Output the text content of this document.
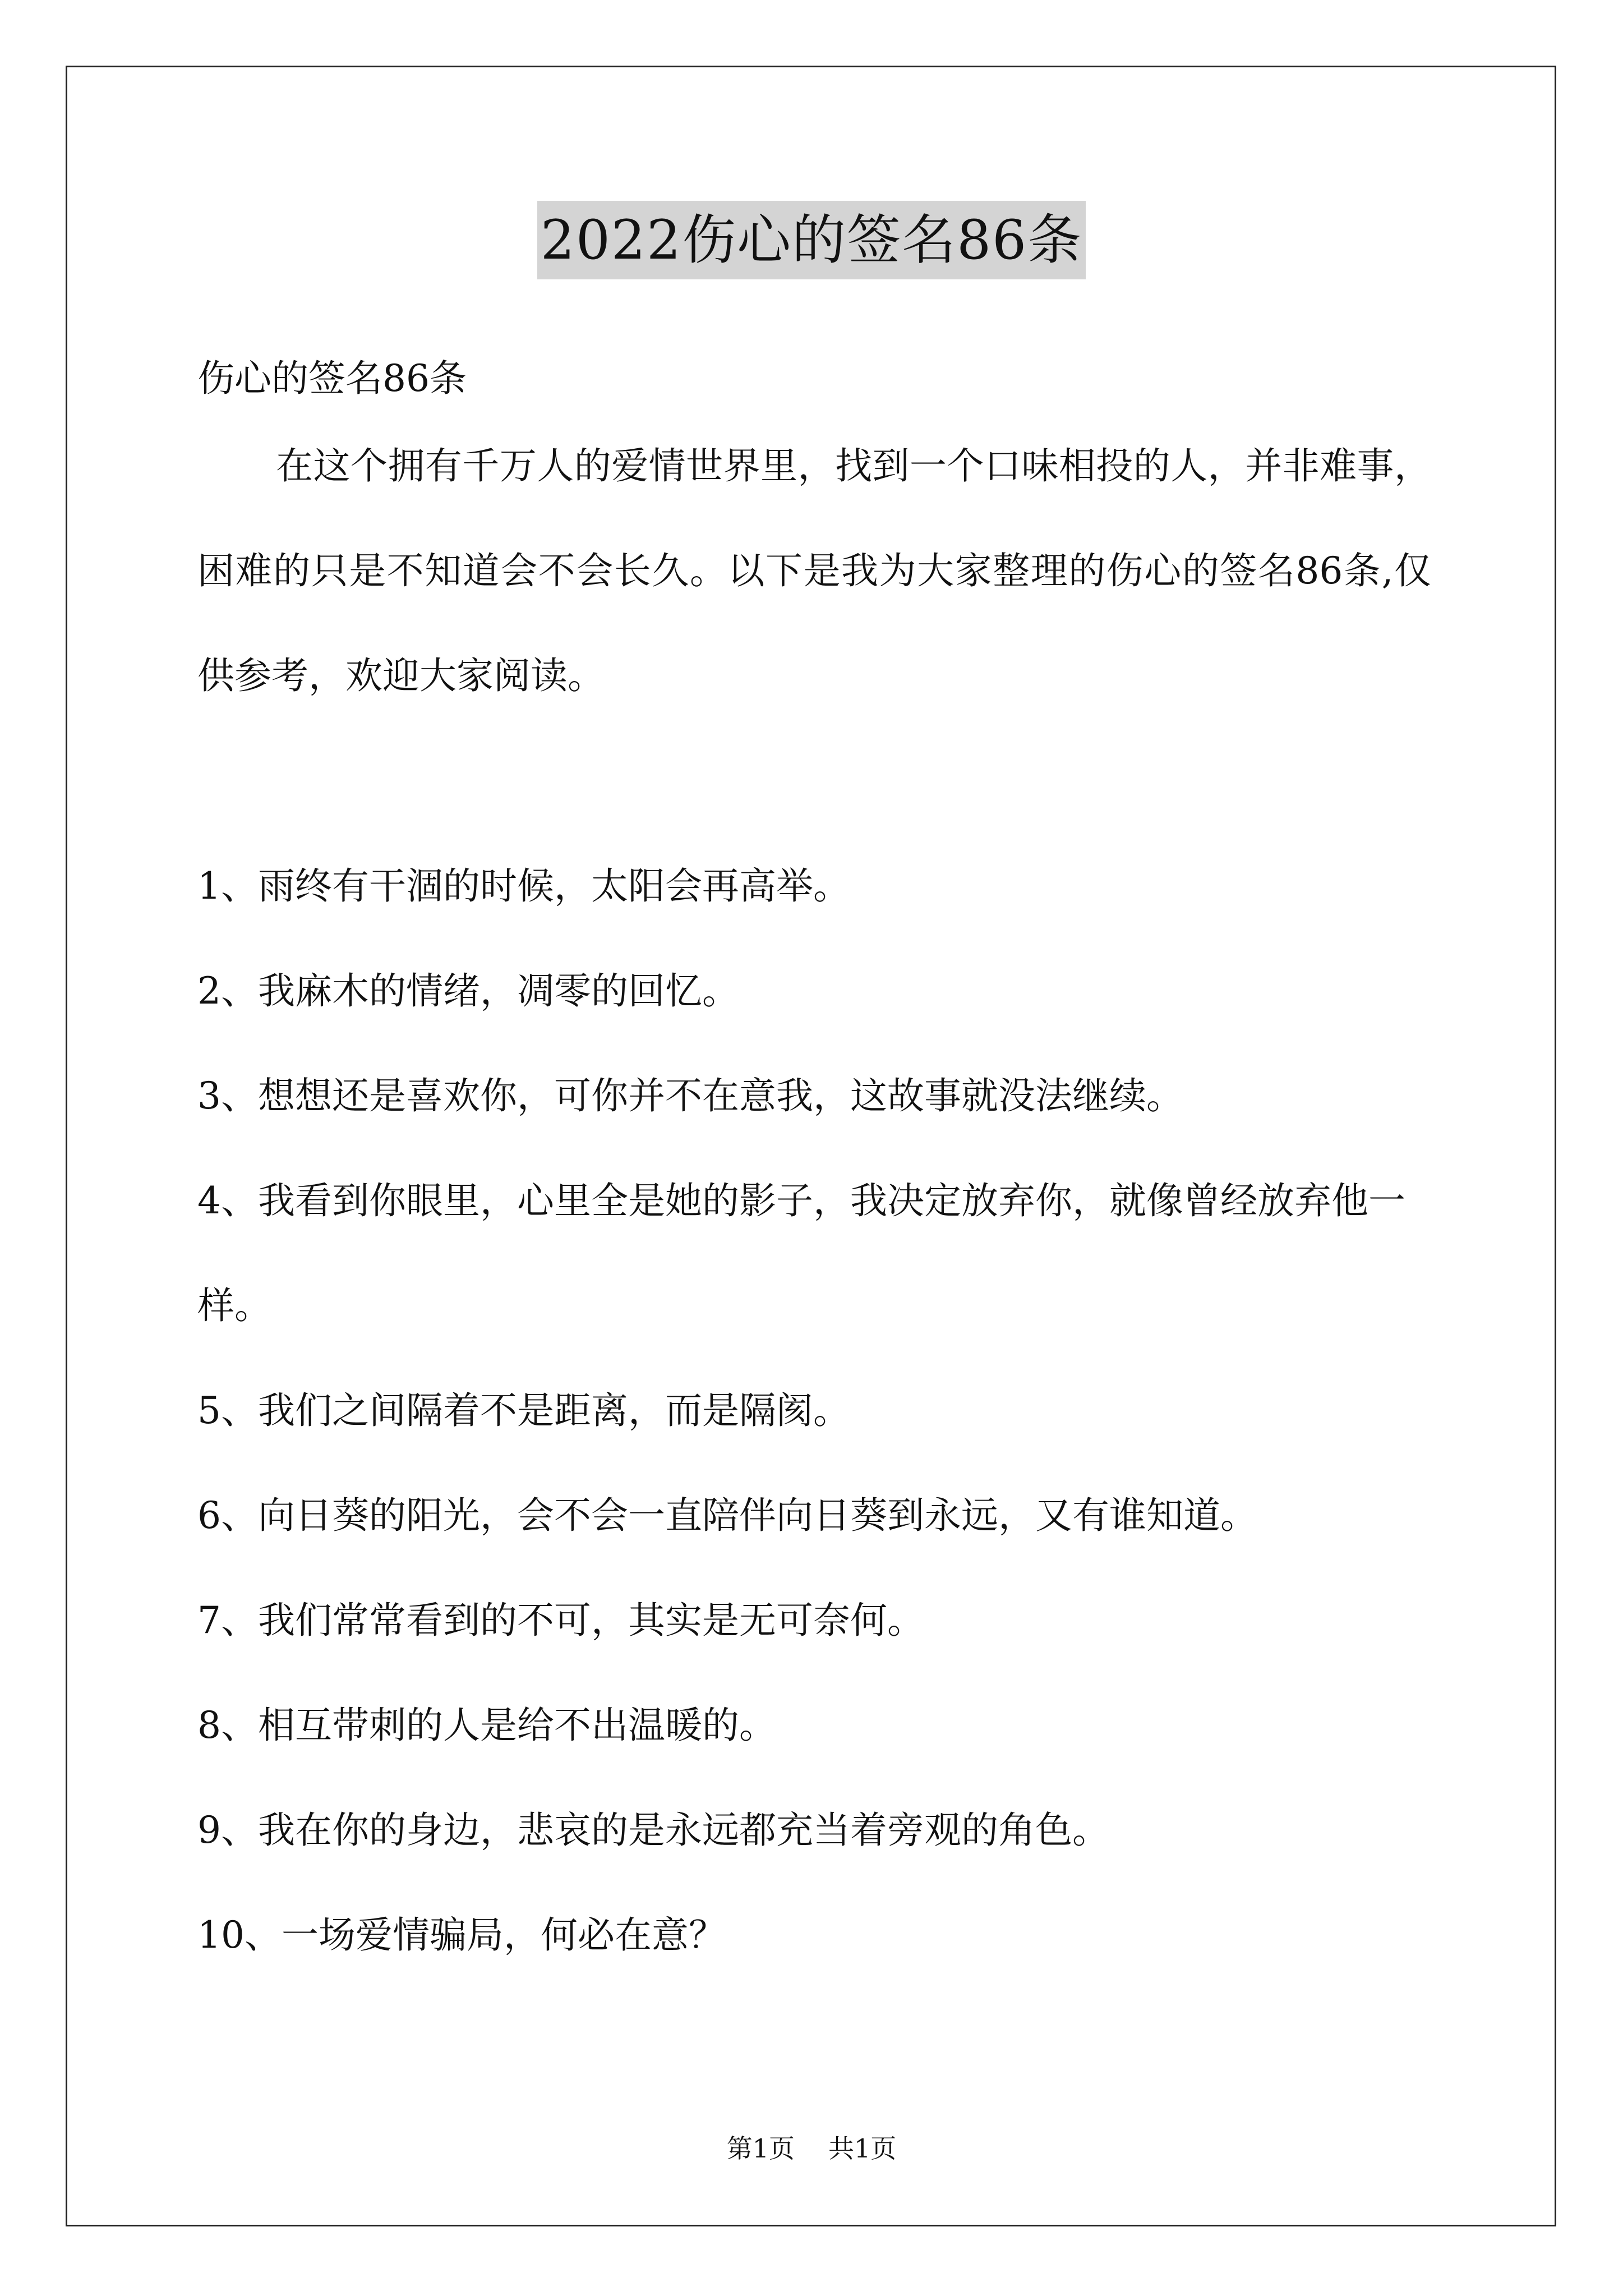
2022伤心的签名86条

伤心的签名86条

在这个拥有千万人的爱情世界里，找到一个口味相投的人，并非难事，困难的只是不知道会不会长久。以下是我为大家整理的伤心的签名86条,仅供参考，欢迎大家阅读。

1、雨终有干涸的时候，太阳会再高举。
2、我麻木的情绪，凋零的回忆。
3、想想还是喜欢你，可你并不在意我，这故事就没法继续。
4、我看到你眼里，心里全是她的影子，我决定放弃你，就像曾经放弃他一样。
5、我们之间隔着不是距离，而是隔阂。
6、向日葵的阳光，会不会一直陪伴向日葵到永远，又有谁知道。
7、我们常常看到的不可，其实是无可奈何。
8、相互带刺的人是给不出温暖的。
9、我在你的身边，悲哀的是永远都充当着旁观的角色。
10、一场爱情骗局，何必在意？
第1页 共1页
